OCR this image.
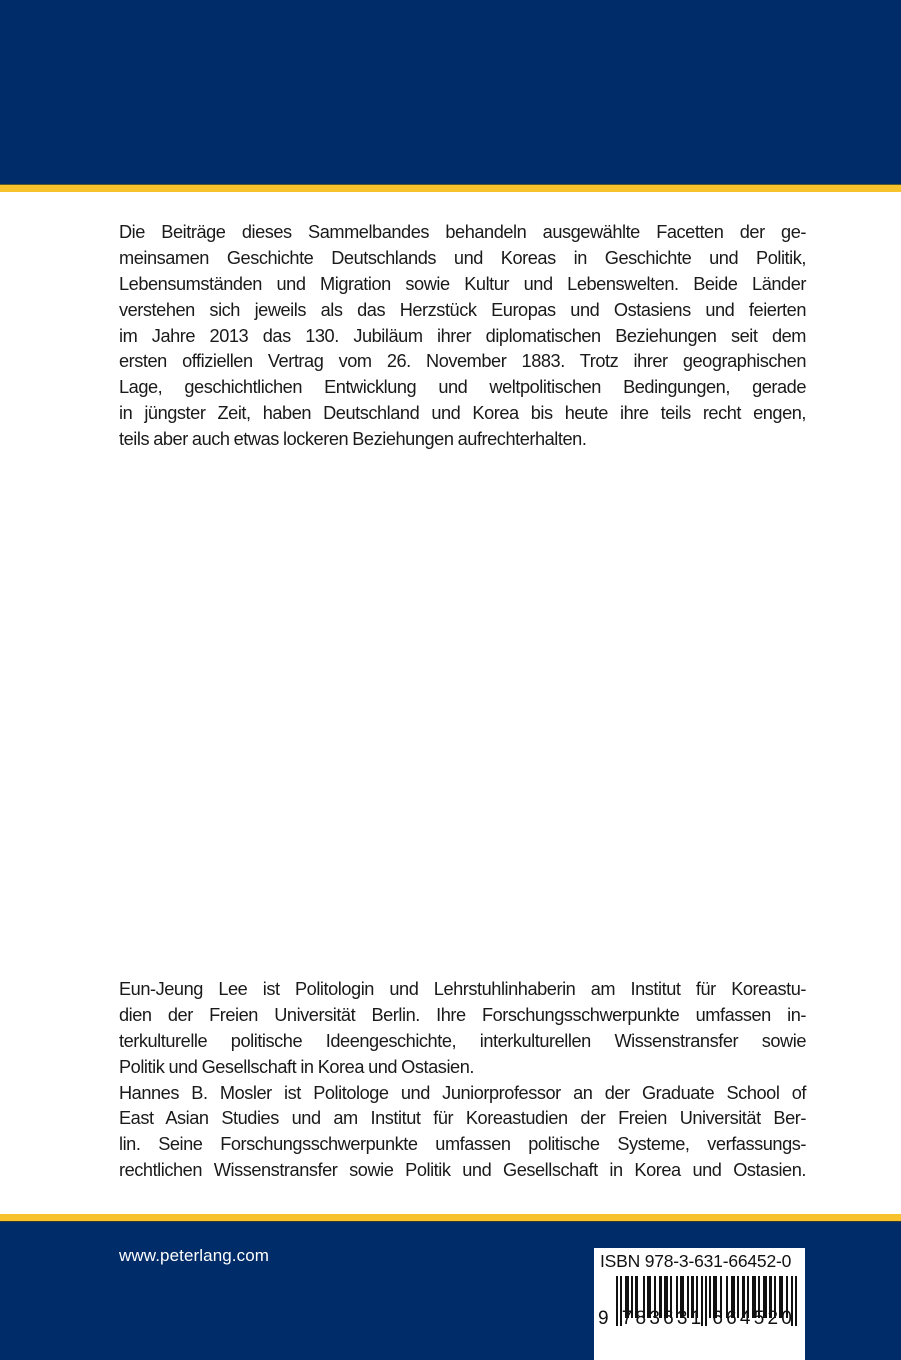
Die Beiträge dieses Sammelbandes behandeln ausgewählte Facetten der ge-
meinsamen Geschichte Deutschlands und Koreas in Geschichte und Politik,
Lebensumständen und Migration sowie Kultur und Lebenswelten. Beide Länder
verstehen sich jeweils als das Herzstück Europas und Ostasiens und feierten
im Jahre 2013 das 130. Jubiläum ihrer diplomatischen Beziehungen seit dem
ersten offiziellen Vertrag vom 26. November 1883. Trotz ihrer geographischen
Lage, geschichtlichen Entwicklung und weltpolitischen Bedingungen, gerade
in jüngster Zeit, haben Deutschland und Korea bis heute ihre teils recht engen,
teils aber auch etwas lockeren Beziehungen aufrechterhalten.
Eun-Jeung Lee ist Politologin und Lehrstuhlinhaberin am Institut für Koreastu-
dien der Freien Universität Berlin. Ihre Forschungsschwerpunkte umfassen in-
terkulturelle politische Ideengeschichte, interkulturellen Wissenstransfer sowie
Politik und Gesellschaft in Korea und Ostasien.
Hannes B. Mosler ist Politologe und Juniorprofessor an der Graduate School of
East Asian Studies und am Institut für Koreastudien der Freien Universität Ber-
lin. Seine Forschungsschwerpunkte umfassen politische Systeme, verfassungs-
rechtlichen Wissenstransfer sowie Politik und Gesellschaft in Korea und Ostasien.
www.peterlang.com	ISBN 978-3-631-66452-0
9 783631 664520
